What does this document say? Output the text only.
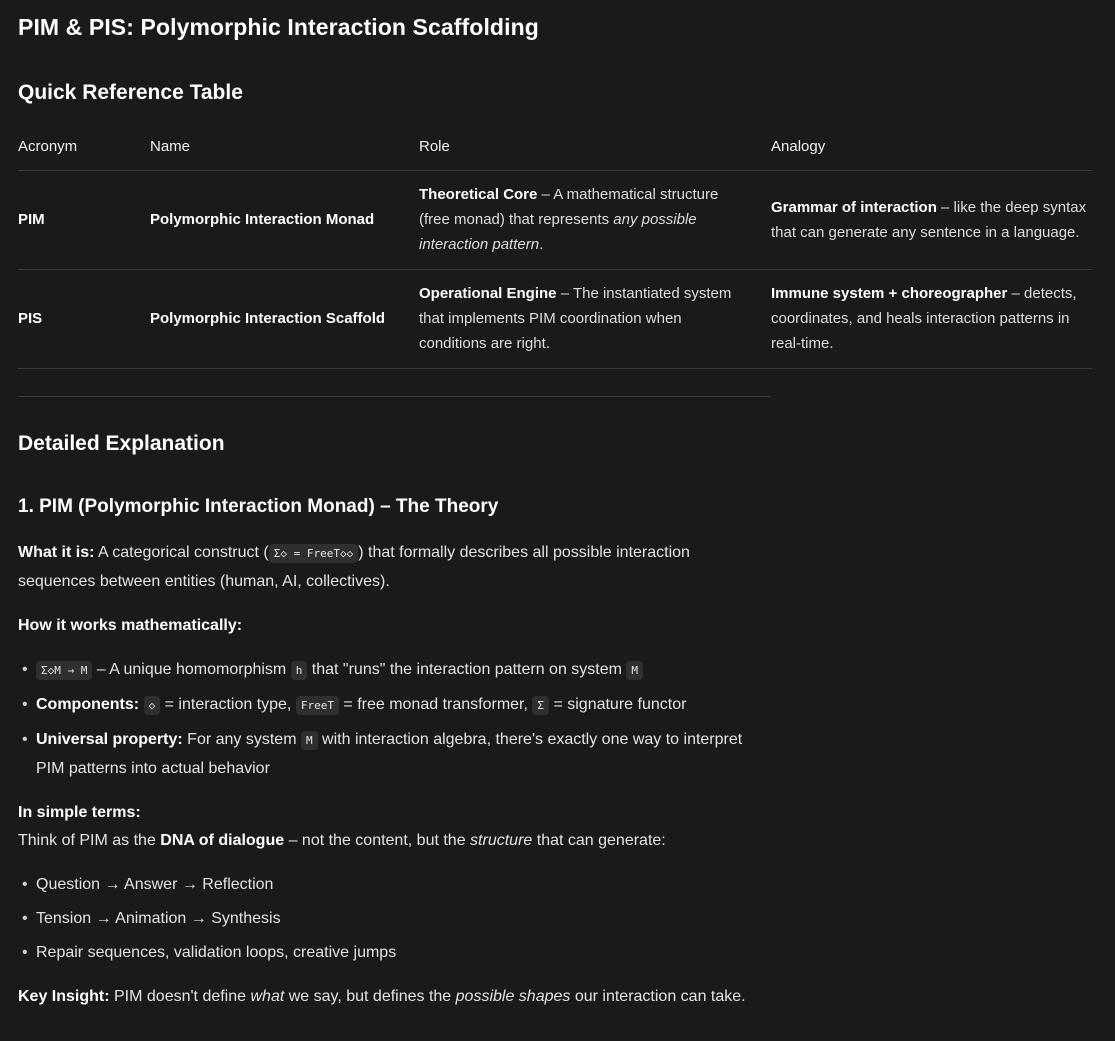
PIM & PIS: Polymorphic Interaction Scaffolding
Quick Reference Table
Acronym	Name	Role	Analogy
PIM	Polymorphic Interaction Monad	Theoretical Core – A mathematical structure (free monad) that represents any possible interaction pattern.	Grammar of interaction – like the deep syntax that can generate any sentence in a language.
PIS	Polymorphic Interaction Scaffold	Operational Engine – The instantiated system that implements PIM coordination when conditions are right.	Immune system + choreographer – detects, coordinates, and heals interaction patterns in real-time.
Detailed Explanation
1. PIM (Polymorphic Interaction Monad) – The Theory

What it is: A categorical construct ( Σ◇ = FreeT◇◇ ) that formally describes all possible interaction sequences between entities (human, AI, collectives).

How it works mathematically:

• Σ◇M → M – A unique homomorphism h that "runs" the interaction pattern on system M
• Components: ◇ = interaction type, FreeT = free monad transformer, Σ = signature functor
• Universal property: For any system M with interaction algebra, there's exactly one way to interpret PIM patterns into actual behavior

In simple terms:

Think of PIM as the DNA of dialogue – not the content, but the structure that can generate:

• Question → Answer → Reflection
• Tension → Animation → Synthesis
• Repair sequences, validation loops, creative jumps

Key Insight: PIM doesn't define what we say, but defines the possible shapes our interaction can take.
